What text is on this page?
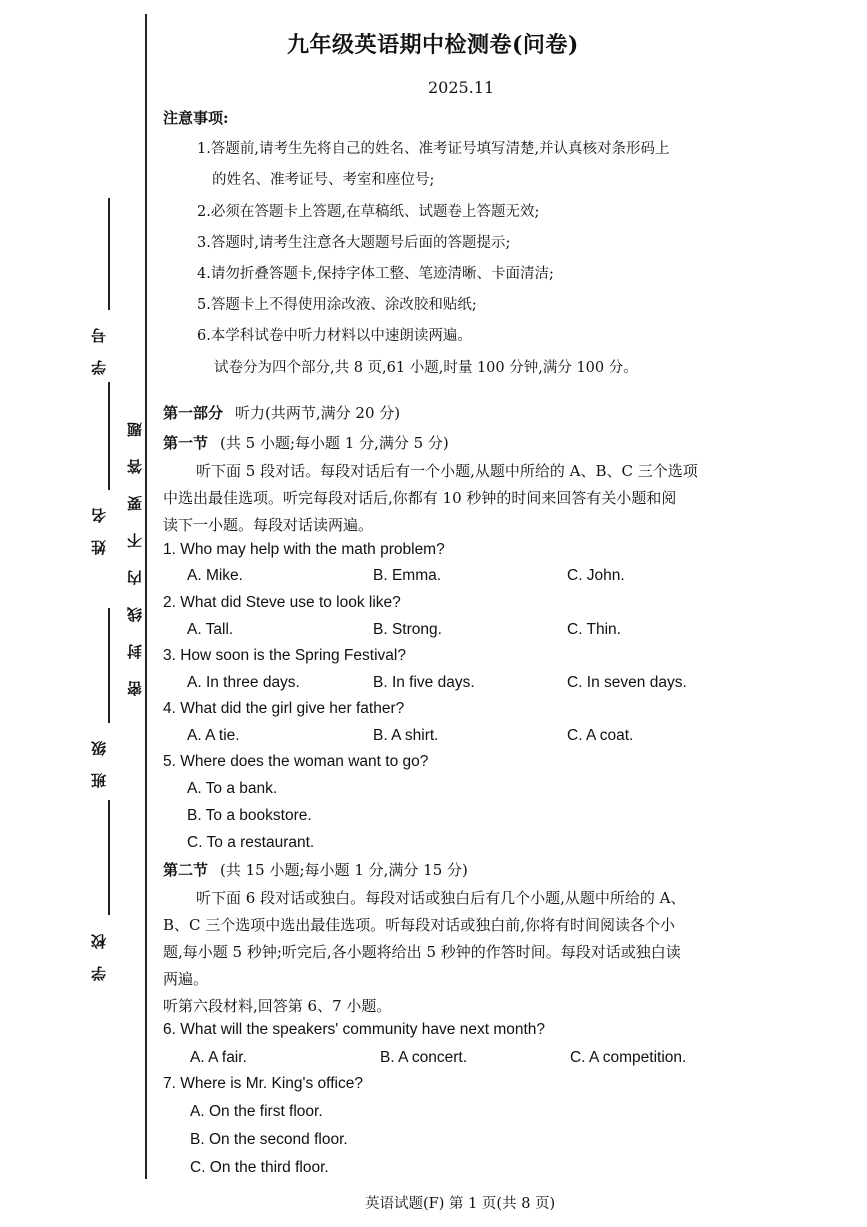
学 号
姓 名
班 级
学 校
密封线内不要答题
九年级英语期中检测卷(问卷)
2025.11
注意事项:
1.答题前,请考生先将自己的姓名、准考证号填写清楚,并认真核对条形码上
的姓名、准考证号、考室和座位号;
2.必须在答题卡上答题,在草稿纸、试题卷上答题无效;
3.答题时,请考生注意各大题题号后面的答题提示;
4.请勿折叠答题卡,保持字体工整、笔迹清晰、卡面清洁;
5.答题卡上不得使用涂改液、涂改胶和贴纸;
6.本学科试卷中听力材料以中速朗读两遍。
试卷分为四个部分,共 8 页,61 小题,时量 100 分钟,满分 100 分。
第一部分 听力(共两节,满分 20 分)
第一节 (共 5 小题;每小题 1 分,满分 5 分)
听下面 5 段对话。每段对话后有一个小题,从题中所给的 A、B、C 三个选项
中选出最佳选项。听完每段对话后,你都有 10 秒钟的时间来回答有关小题和阅
读下一小题。每段对话读两遍。
1. Who may help with the math problem?
A. Mike.	B. Emma.	C. John.
2. What did Steve use to look like?
A. Tall.	B. Strong.	C. Thin.
3. How soon is the Spring Festival?
A. In three days.	B. In five days.	C. In seven days.
4. What did the girl give her father?
A. A tie.	B. A shirt.	C. A coat.
5. Where does the woman want to go?
A. To a bank.
B. To a bookstore.
C. To a restaurant.
第二节 (共 15 小题;每小题 1 分,满分 15 分)
听下面 6 段对话或独白。每段对话或独白后有几个小题,从题中所给的 A、
B、C 三个选项中选出最佳选项。听每段对话或独白前,你将有时间阅读各个小
题,每小题 5 秒钟;听完后,各小题将给出 5 秒钟的作答时间。每段对话或独白读
两遍。
听第六段材料,回答第 6、7 小题。
6. What will the speakers' community have next month?
A. A fair.	B. A concert.	C. A competition.
7. Where is Mr. King's office?
A. On the first floor.
B. On the second floor.
C. On the third floor.
英语试题(F) 第 1 页(共 8 页)
